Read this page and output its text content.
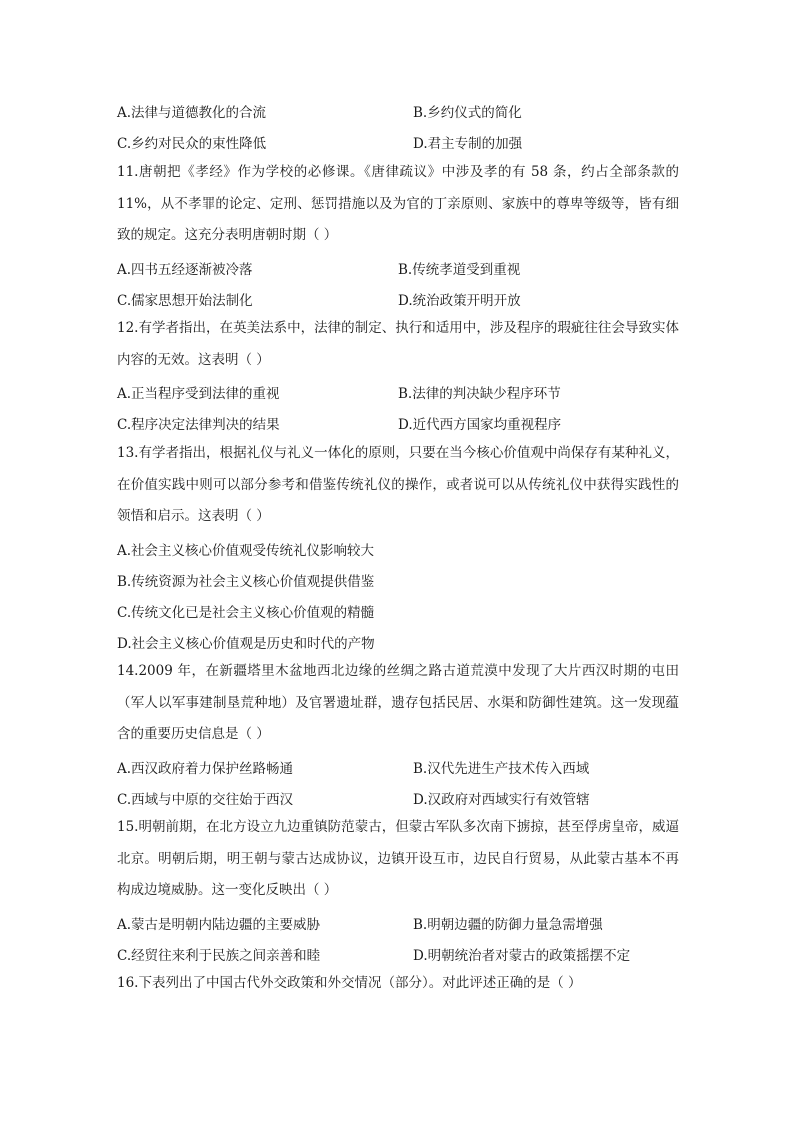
A.法律与道德教化的合流	B.乡约仪式的简化
C.乡约对民众的束性降低	D.君主专制的加强
11.唐朝把《孝经》作为学校的必修课。《唐律疏议》中涉及孝的有 58 条，约占全部条款的 11%，从不孝罪的论定、定刑、惩罚措施以及为官的丁亲原则、家族中的尊卑等级等，皆有细致的规定。这充分表明唐朝时期（ ）
A.四书五经逐渐被冷落	B.传统孝道受到重视
C.儒家思想开始法制化	D.统治政策开明开放
12.有学者指出，在英美法系中，法律的制定、执行和适用中，涉及程序的瑕疵往往会导致实体内容的无效。这表明（ ）
A.正当程序受到法律的重视	B.法律的判决缺少程序环节
C.程序决定法律判决的结果	D.近代西方国家均重视程序
13.有学者指出，根据礼仪与礼义一体化的原则，只要在当今核心价值观中尚保存有某种礼义，在价值实践中则可以部分参考和借鉴传统礼仪的操作，或者说可以从传统礼仪中获得实践性的领悟和启示。这表明（ ）
A.社会主义核心价值观受传统礼仪影响较大
B.传统资源为社会主义核心价值观提供借鉴
C.传统文化已是社会主义核心价值观的精髓
D.社会主义核心价值观是历史和时代的产物
14.2009 年，在新疆塔里木盆地西北边缘的丝绸之路古道荒漠中发现了大片西汉时期的屯田（军人以军事建制垦荒种地）及官署遗址群，遗存包括民居、水渠和防御性建筑。这一发现蕴含的重要历史信息是（ ）
A.西汉政府着力保护丝路畅通	B.汉代先进生产技术传入西域
C.西域与中原的交往始于西汉	D.汉政府对西域实行有效管辖
15.明朝前期，在北方设立九边重镇防范蒙古，但蒙古军队多次南下掳掠，甚至俘虏皇帝，威逼北京。明朝后期，明王朝与蒙古达成协议，边镇开设互市，边民自行贸易，从此蒙古基本不再构成边境威胁。这一变化反映出（ ）
A.蒙古是明朝内陆边疆的主要威胁	B.明朝边疆的防御力量急需增强
C.经贸往来利于民族之间亲善和睦	D.明朝统治者对蒙古的政策摇摆不定
16.下表列出了中国古代外交政策和外交情况（部分）。对此评述正确的是（ ）
